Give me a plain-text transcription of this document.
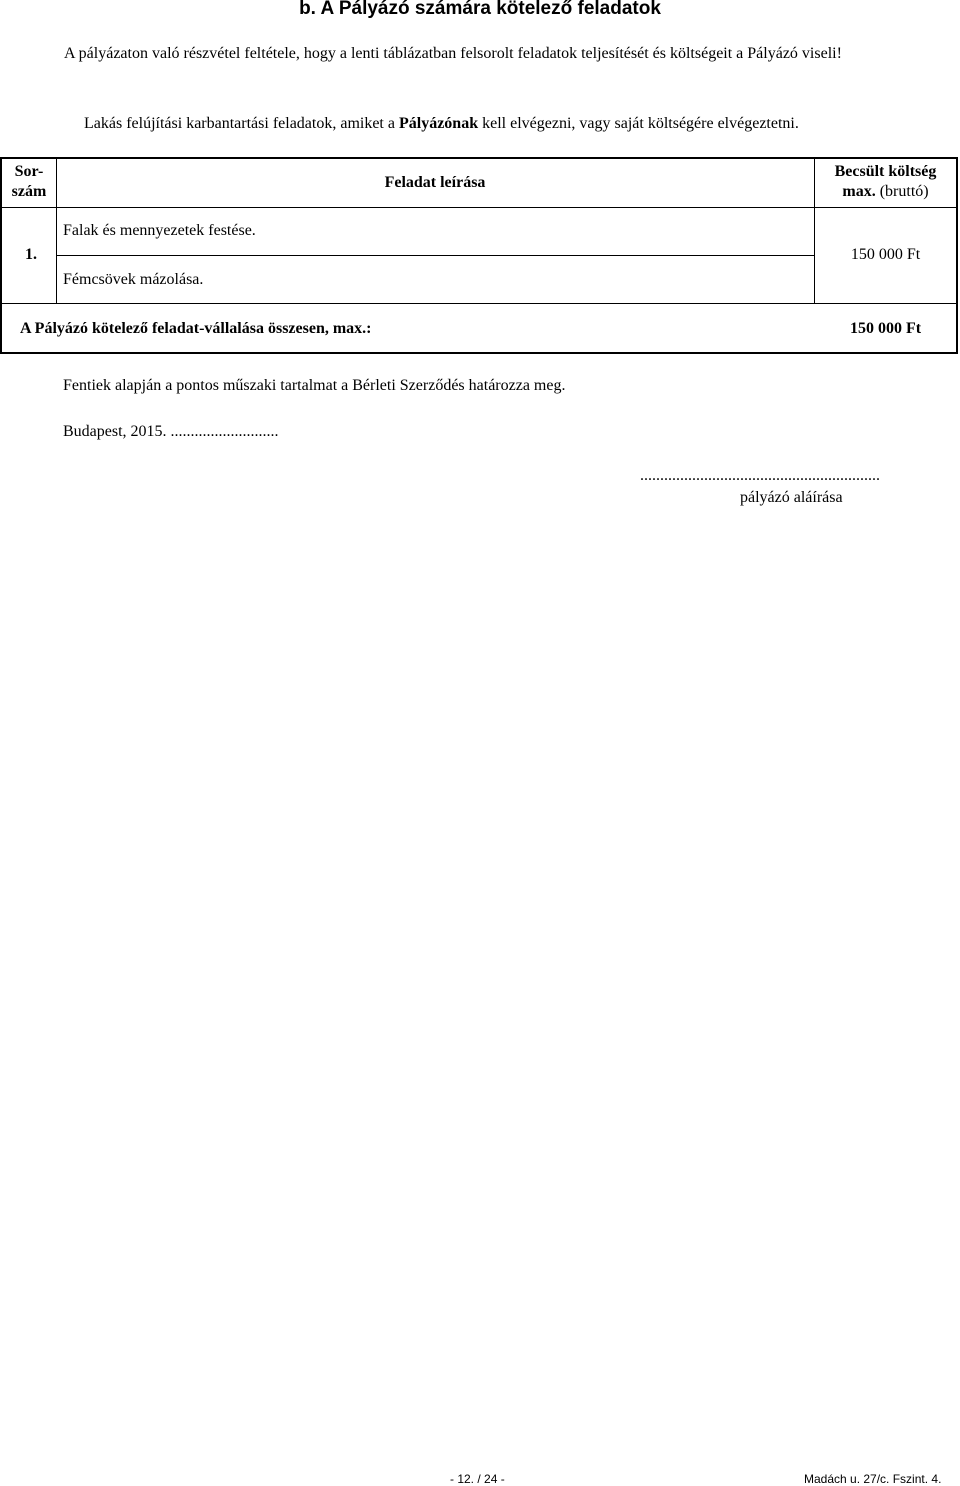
b. A Pályázó számára kötelező feladatok
A pályázaton való részvétel feltétele, hogy a lenti táblázatban felsorolt feladatok teljesítését és költségeit a Pályázó viseli!
Lakás felújítási karbantartási feladatok, amiket a Pályázónak kell elvégezni, vagy saját költségére elvégeztetni.
Sor-
szám
Feladat leírása
Becsült költség
max. (bruttó)
1.
Falak és mennyezetek festése.
Fémcsövek mázolása.
150 000 Ft
A Pályázó kötelező feladat-vállalása összesen, max.:	150 000 Ft
Fentiek alapján a pontos műszaki tartalmat a Bérleti Szerződés határozza meg.
Budapest, 2015. ...........................
............................................................
pályázó aláírása
- 12. / 24 -	Madách u. 27/c. Fszint. 4.
